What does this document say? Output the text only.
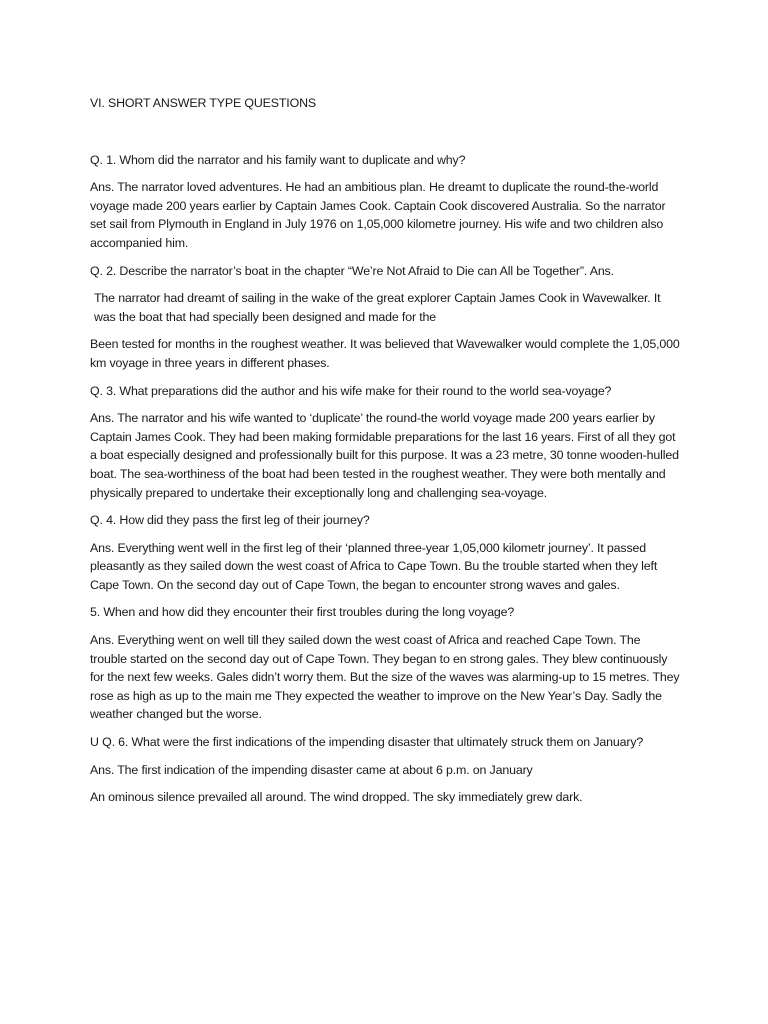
VI. SHORT ANSWER TYPE QUESTIONS

Q. 1. Whom did the narrator and his family want to duplicate and why?

Ans. The narrator loved adventures. He had an ambitious plan. He dreamt to duplicate the round-the-world voyage made 200 years earlier by Captain James Cook. Captain Cook discovered Australia. So the narrator set sail from Plymouth in England in July 1976 on 1,05,000 kilometre journey. His wife and two children also accompanied him.

Q. 2. Describe the narrator’s boat in the chapter “We’re Not Afraid to Die can All be Together”. Ans.

The narrator had dreamt of sailing in the wake of the great explorer Captain James Cook in Wavewalker. It was the boat that had specially been designed and made for the

Been tested for months in the roughest weather. It was believed that Wavewalker would complete the 1,05,000 km voyage in three years in different phases.

Q. 3. What preparations did the author and his wife make for their round to the world sea-voyage?

Ans. The narrator and his wife wanted to ‘duplicate’ the round-the world voyage made 200 years earlier by Captain James Cook. They had been making formidable preparations for the last 16 years. First of all they got a boat especially designed and professionally built for this purpose. It was a 23 metre, 30 tonne wooden-hulled boat. The sea-worthiness of the boat had been tested in the roughest weather. They were both mentally and physically prepared to undertake their exceptionally long and challenging sea-voyage.

Q. 4. How did they pass the first leg of their journey?

Ans. Everything went well in the first leg of their ‘planned three-year 1,05,000 kilometr journey’. It passed pleasantly as they sailed down the west coast of Africa to Cape Town. Bu the trouble started when they left Cape Town. On the second day out of Cape Town, the began to encounter strong waves and gales.

5. When and how did they encounter their first troubles during the long voyage?

Ans. Everything went on well till they sailed down the west coast of Africa and reached Cape Town. The trouble started on the second day out of Cape Town. They began to en strong gales. They blew continuously for the next few weeks. Gales didn’t worry them. But the size of the waves was alarming-up to 15 metres. They rose as high as up to the main me They expected the weather to improve on the New Year’s Day. Sadly the weather changed but the worse.

U Q. 6. What were the first indications of the impending disaster that ultimately struck them on January?

Ans. The first indication of the impending disaster came at about 6 p.m. on January

An ominous silence prevailed all around. The wind dropped. The sky immediately grew dark.
